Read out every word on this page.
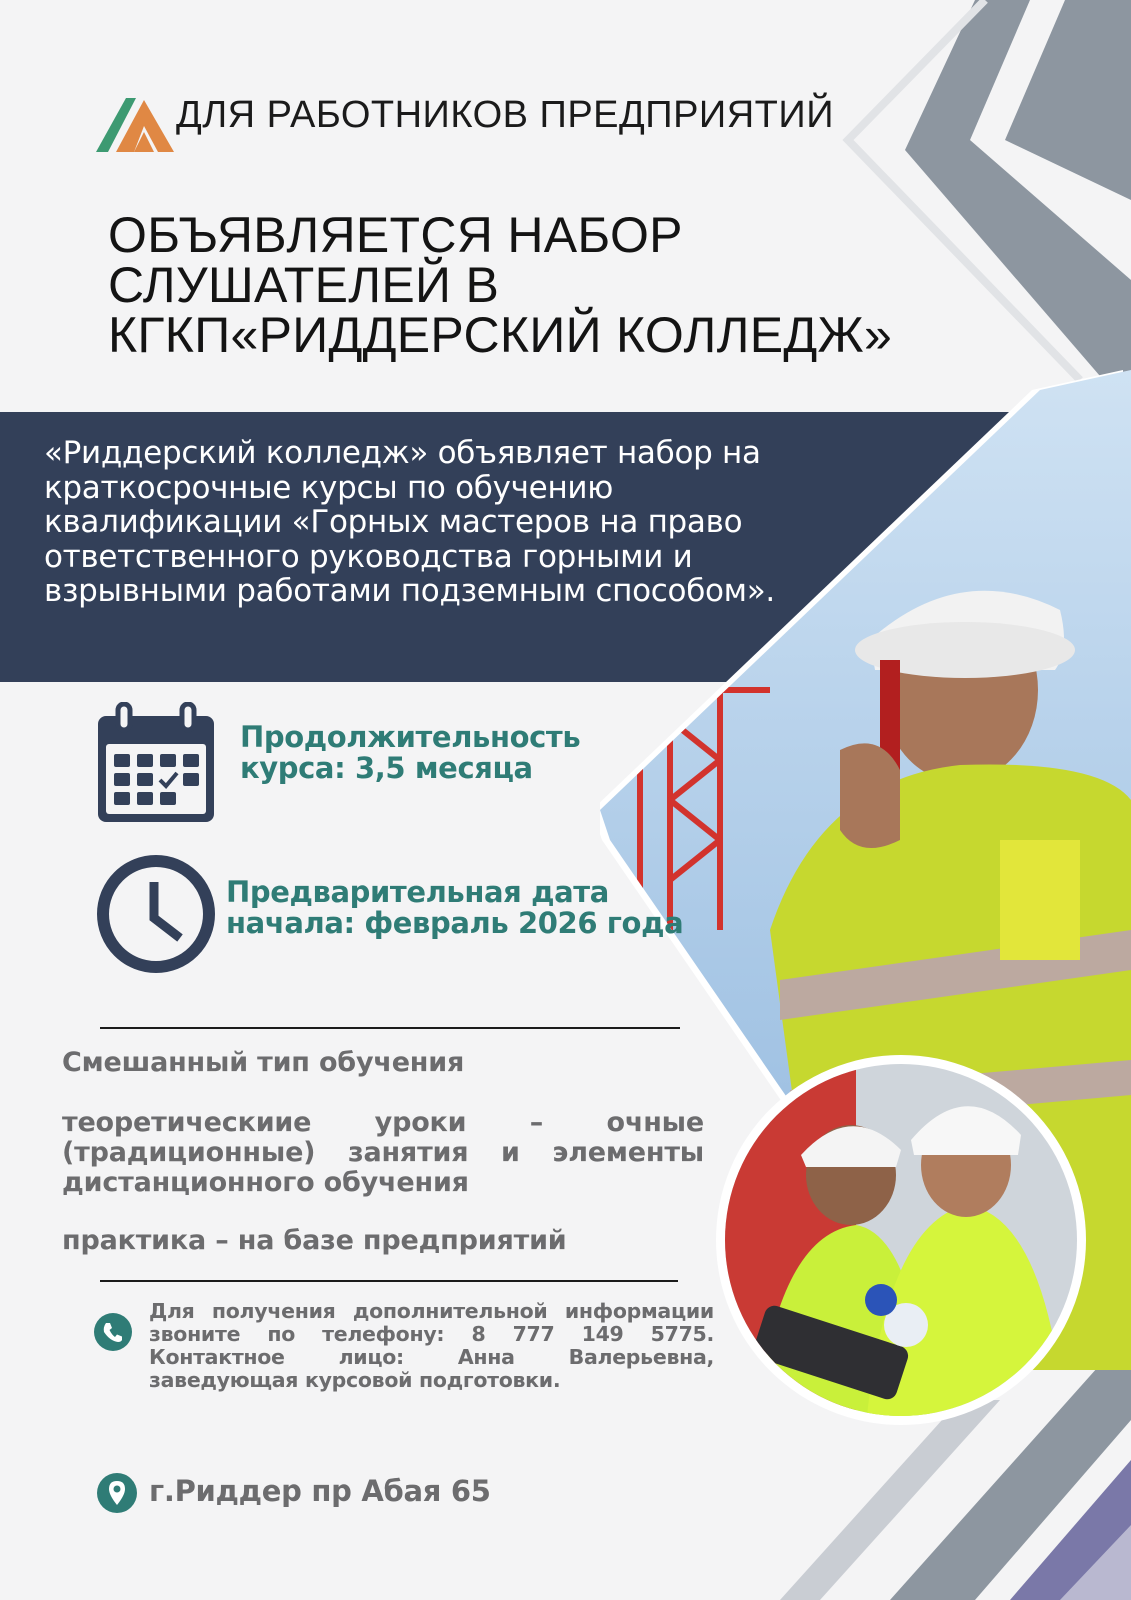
ДЛЯ РАБОТНИКОВ ПРЕДПРИЯТИЙ
ОБЪЯВЛЯЕТСЯ НАБОР
СЛУШАТЕЛЕЙ В
КГКП«РИДДЕРСКИЙ КОЛЛЕДЖ»
«Риддерский колледж» объявляет набор на краткосрочные курсы по обучению квалификации «Горных мастеров на право ответственного руководства горными и взрывными работами подземным способом».
Продолжительность
курса: 3,5 месяца
Предварительная дата
начала: февраль 2026 года
Смешанный тип обучения
теоретическиие уроки – очные (традиционные) занятия и элементы дистанционного обучения
практика – на базе предприятий
Для получения дополнительной информации звоните по телефону: 8 777 149 5775. Контактное лицо: Анна Валерьевна, заведующая курсовой подготовки.
г.Риддер пр Абая 65
